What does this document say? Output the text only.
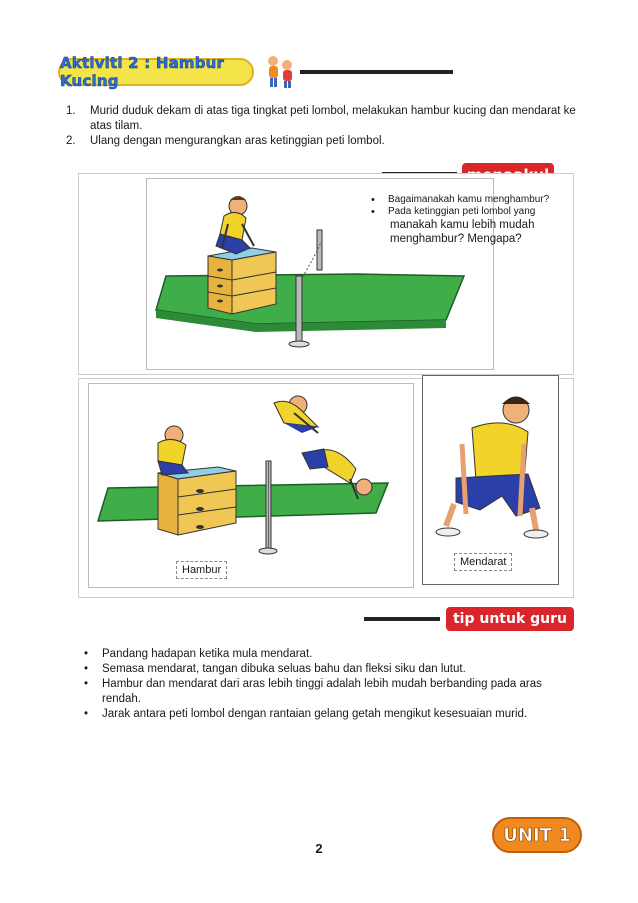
Aktiviti 2 : Hambur Kucing
1. Murid duduk dekam di atas tiga tingkat peti lombol, melakukan hambur kucing dan mendarat ke atas tilam.
2. Ulang dengan mengurangkan aras ketinggian peti lombol.
• Bagaimanakah kamu menghambur?
• Pada ketinggian peti lombol yang
manakah kamu lebih mudah menghambur? Mengapa?
Hambur
Mendarat
tip untuk guru
• Pandang hadapan ketika mula mendarat.
• Semasa mendarat, tangan dibuka seluas bahu dan fleksi siku dan lutut.
• Hambur dan mendarat dari aras lebih tinggi adalah lebih mudah berbanding pada aras rendah.
• Jarak antara peti lombol dengan rantaian gelang getah mengikut kesesuaian murid.
2
UNIT 1
